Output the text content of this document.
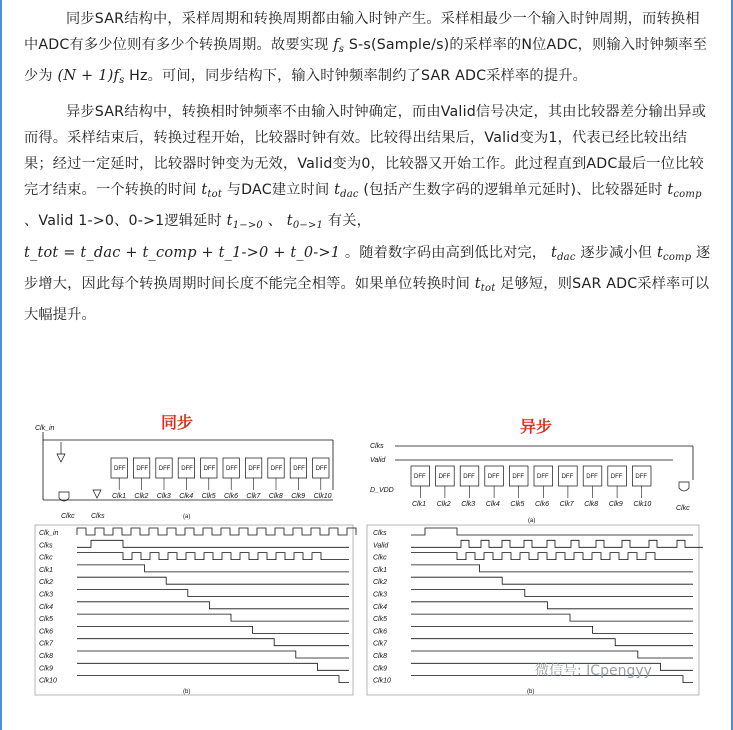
同步SAR结构中，采样周期和转换周期都由输入时钟产生。采样相最少一个输入时钟周期，而转换相中ADC有多少位则有多少个转换周期。故要实现 $f_s$ S-s(Sample/s)的采样率的N位ADC，则输入时钟频率至少为 $(N + 1)f_s$ Hz。可间，同步结构下，输入时钟频率制约了SAR ADC采样率的提升。

异步SAR结构中，转换相时钟频率不由输入时钟确定，而由Valid信号决定，其由比较器差分输出异或而得。采样结束后，转换过程开始，比较器时钟有效。比较得出结果后，Valid变为1，代表已经比较出结果；经过一定延时，比较器时钟变为无效，Valid变为0，比较器又开始工作。此过程直到ADC最后一位比较完才结束。一个转换的时间 $t_{tot}$ 与DAC建立时间 $t_{dac}$ (包括产生数字码的逻辑单元延时)、比较器延时 $t_{comp}$ 、Valid 1->0、0->1逻辑延时 $t_{1->0}$ 、 $t_{0->1}$ 有关，
t_tot = t_dac + t_comp + t_1->0 + t_0->1 。随着数字码由高到低比对完， $t_{dac}$ 逐步减小但 $t_{comp}$ 逐步增大，因此每个转换周期时间长度不能完全相等。如果单位转换时间 $t_{tot}$ 足够短，则SAR ADC采样率可以大幅提升。

同步	异步
Clk_in
Clkc Clks	(a)
DFF
Clk1
DFF
Clk2
DFF
Clk3
DFF
Clk4
DFF
Clk5
DFF
Clk6
DFF
Clk7
DFF
Clk8
DFF
Clk9
DFF
Clk10
Clks
Valid
D_VDD
Clkc
(a)
DFF
Clk1
DFF
Clk2
DFF
Clk3
DFF
Clk4
DFF
Clk5
DFF
Clk6
DFF
Clk7
DFF
Clk8
DFF
Clk9
DFF
Clk10
Clk_in
Clks
Clkc
Clk1
Clk2
Clk3
Clk4
Clk5
Clk6
Clk7
Clk8
Clk9
Clk10
Clks
Valid
Clkc
Clk1
Clk2
Clk3
Clk4
Clk5
Clk6
Clk7
Clk8
Clk9
Clk10
(b)	(b)
微信号: ICpengyy
